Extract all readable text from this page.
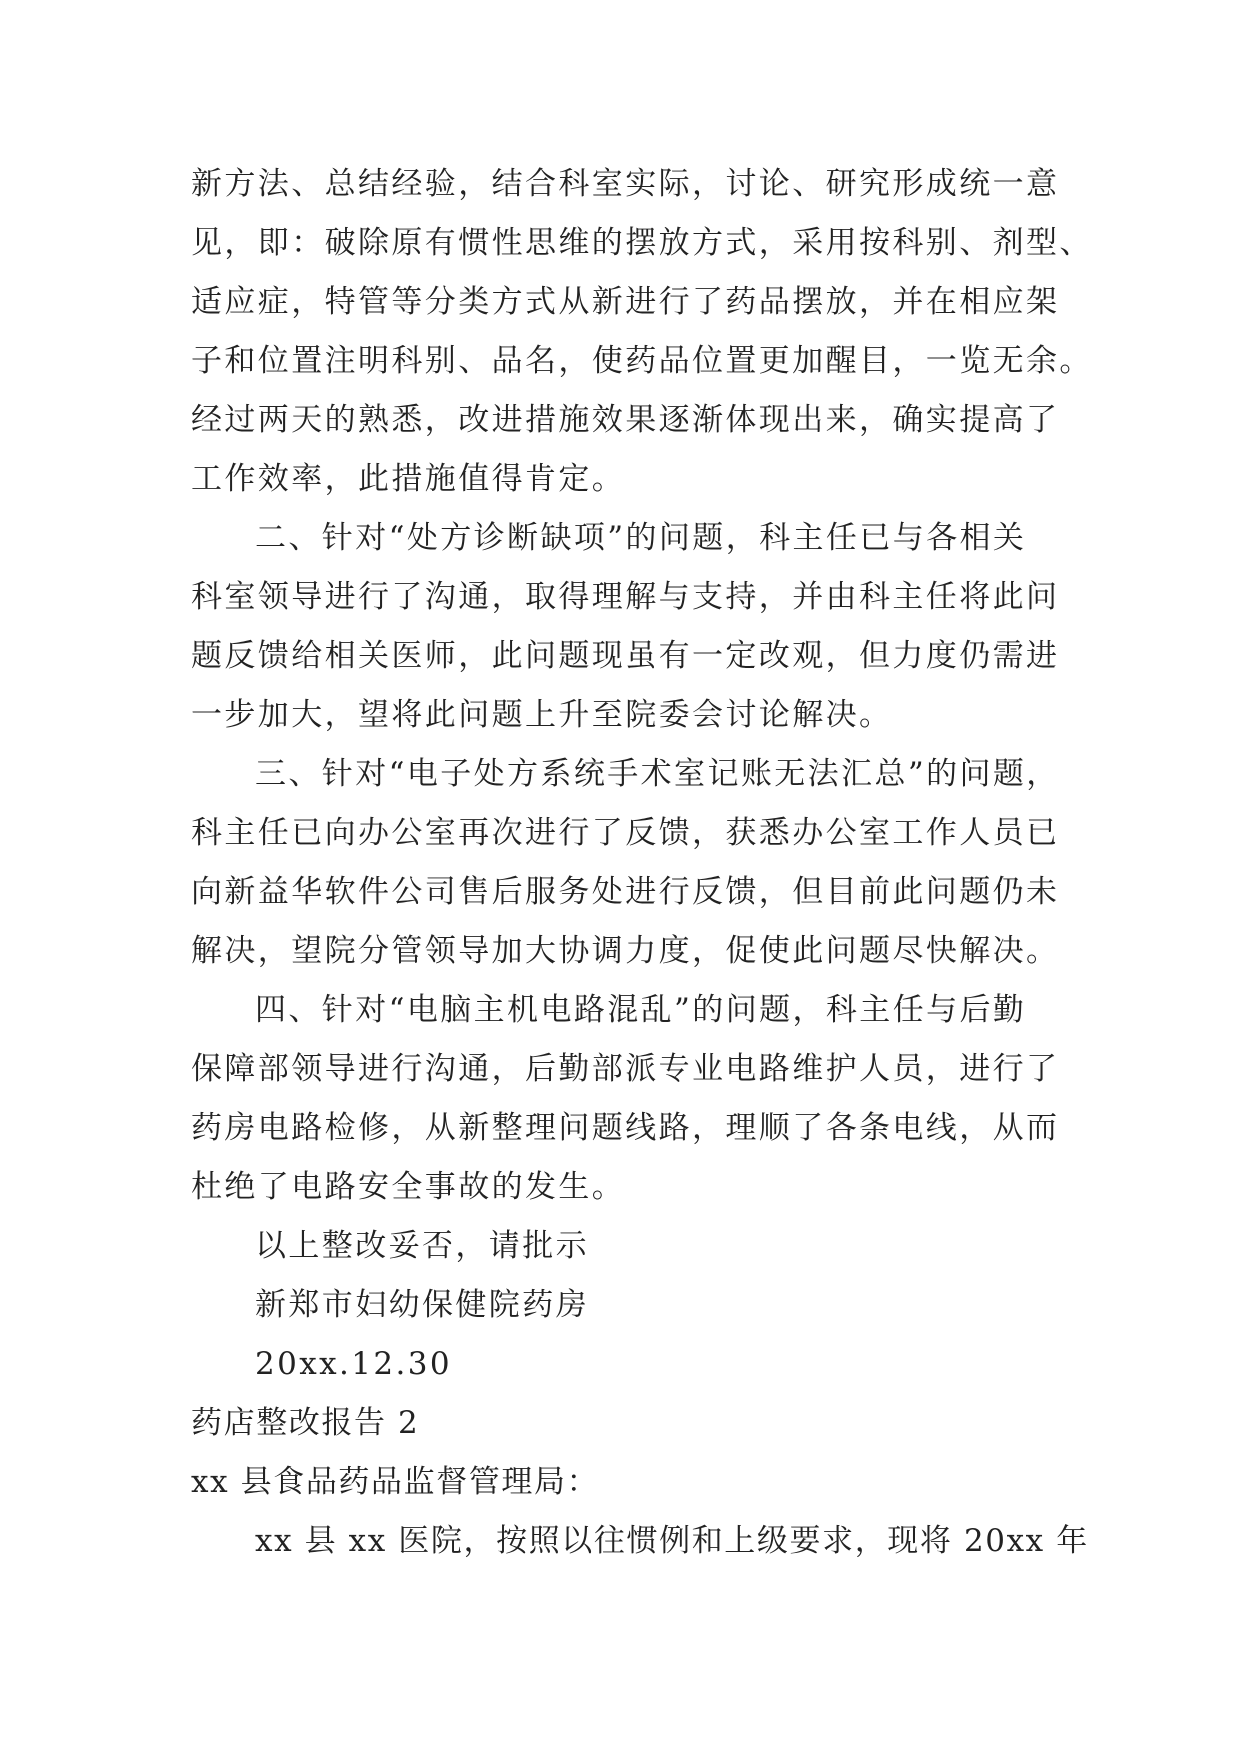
新方法、总结经验，结合科室实际，讨论、研究形成统一意
见，即：破除原有惯性思维的摆放方式，采用按科别、剂型、
适应症，特管等分类方式从新进行了药品摆放，并在相应架
子和位置注明科别、品名，使药品位置更加醒目，一览无余。
经过两天的熟悉，改进措施效果逐渐体现出来，确实提高了
工作效率，此措施值得肯定。
二、针对“处方诊断缺项”的问题，科主任已与各相关
科室领导进行了沟通，取得理解与支持，并由科主任将此问
题反馈给相关医师，此问题现虽有一定改观，但力度仍需进
一步加大，望将此问题上升至院委会讨论解决。
三、针对“电子处方系统手术室记账无法汇总”的问题，
科主任已向办公室再次进行了反馈，获悉办公室工作人员已
向新益华软件公司售后服务处进行反馈，但目前此问题仍未
解决，望院分管领导加大协调力度，促使此问题尽快解决。
四、针对“电脑主机电路混乱”的问题，科主任与后勤
保障部领导进行沟通，后勤部派专业电路维护人员，进行了
药房电路检修，从新整理问题线路，理顺了各条电线，从而
杜绝了电路安全事故的发生。
以上整改妥否，请批示
新郑市妇幼保健院药房
20xx.12.30
药店整改报告 2
xx 县食品药品监督管理局：
xx 县 xx 医院，按照以往惯例和上级要求，现将 20xx 年
